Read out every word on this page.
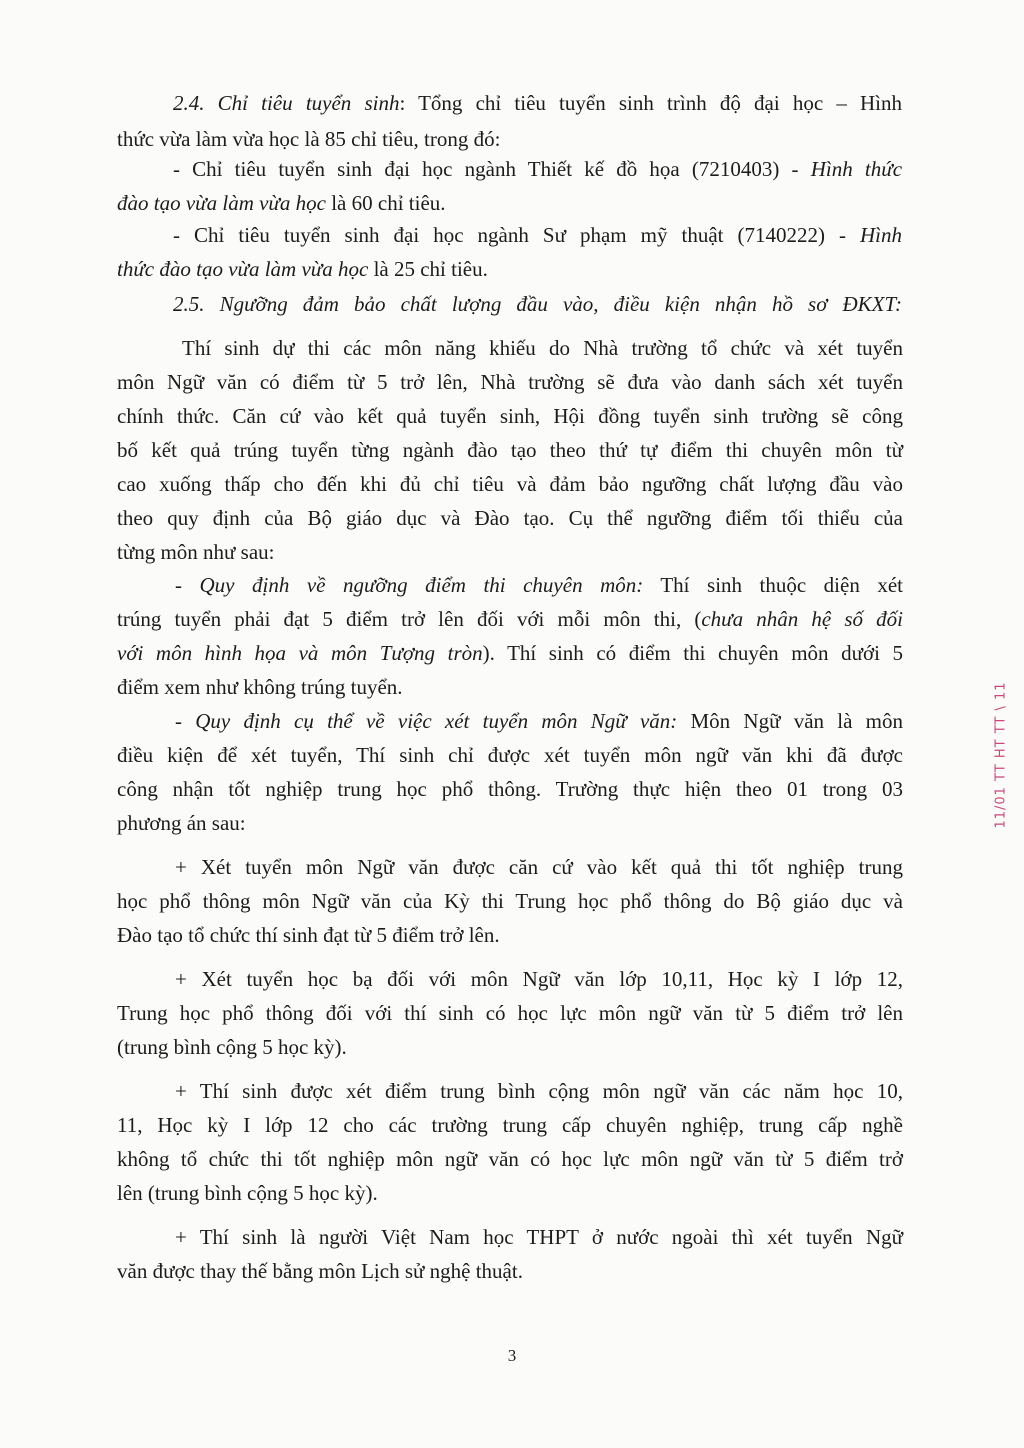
2.4. Chỉ tiêu tuyển sinh: Tổng chỉ tiêu tuyển sinh trình độ đại học – Hình

thức vừa làm vừa học là 85 chỉ tiêu, trong đó:

- Chỉ tiêu tuyển sinh đại học ngành Thiết kế đồ họa (7210403) - Hình thức

đào tạo vừa làm vừa học là 60 chỉ tiêu.

- Chỉ tiêu tuyển sinh đại học ngành Sư phạm mỹ thuật (7140222) - Hình

thức đào tạo vừa làm vừa học là 25 chỉ tiêu.

2.5. Ngưỡng đảm bảo chất lượng đầu vào, điều kiện nhận hồ sơ ĐKXT:

Thí sinh dự thi các môn năng khiếu do Nhà trường tổ chức và xét tuyển

môn Ngữ văn có điểm từ 5 trở lên, Nhà trường sẽ đưa vào danh sách xét tuyển

chính thức. Căn cứ vào kết quả tuyển sinh, Hội đồng tuyển sinh trường sẽ công

bố kết quả trúng tuyển từng ngành đào tạo theo thứ tự điểm thi chuyên môn từ

cao xuống thấp cho đến khi đủ chỉ tiêu và đảm bảo ngưỡng chất lượng đầu vào

theo quy định của Bộ giáo dục và Đào tạo. Cụ thể ngưỡng điểm tối thiểu của

từng môn như sau:

- Quy định về ngưỡng điểm thi chuyên môn: Thí sinh thuộc diện xét

trúng tuyển phải đạt 5 điểm trở lên đối với mỗi môn thi, (chưa nhân hệ số đối

với môn hình họa và môn Tượng tròn). Thí sinh có điểm thi chuyên môn dưới 5

điểm xem như không trúng tuyển.

- Quy định cụ thể về việc xét tuyển môn Ngữ văn: Môn Ngữ văn là môn

điều kiện để xét tuyển, Thí sinh chỉ được xét tuyển môn ngữ văn khi đã được

công nhận tốt nghiệp trung học phổ thông. Trường thực hiện theo 01 trong 03

phương án sau:

+ Xét tuyển môn Ngữ văn được căn cứ vào kết quả thi tốt nghiệp trung

học phổ thông môn Ngữ văn của Kỳ thi Trung học phổ thông do Bộ giáo dục và

Đào tạo tổ chức thí sinh đạt từ 5 điểm trở lên.

+ Xét tuyển học bạ đối với môn Ngữ văn lớp 10,11, Học kỳ I lớp 12,

Trung học phổ thông đối với thí sinh có học lực môn ngữ văn từ 5 điểm trở lên

(trung bình cộng 5 học kỳ).

+ Thí sinh được xét điểm trung bình cộng môn ngữ văn các năm học 10,

11, Học kỳ I lớp 12 cho các trường trung cấp chuyên nghiệp, trung cấp nghề

không tổ chức thi tốt nghiệp môn ngữ văn có học lực môn ngữ văn từ 5 điểm trở

lên (trung bình cộng 5 học kỳ).

+ Thí sinh là người Việt Nam học THPT ở nước ngoài thì xét tuyển Ngữ

văn được thay thế bằng môn Lịch sử nghệ thuật.

3
11/01 TT HT TT \ 11
